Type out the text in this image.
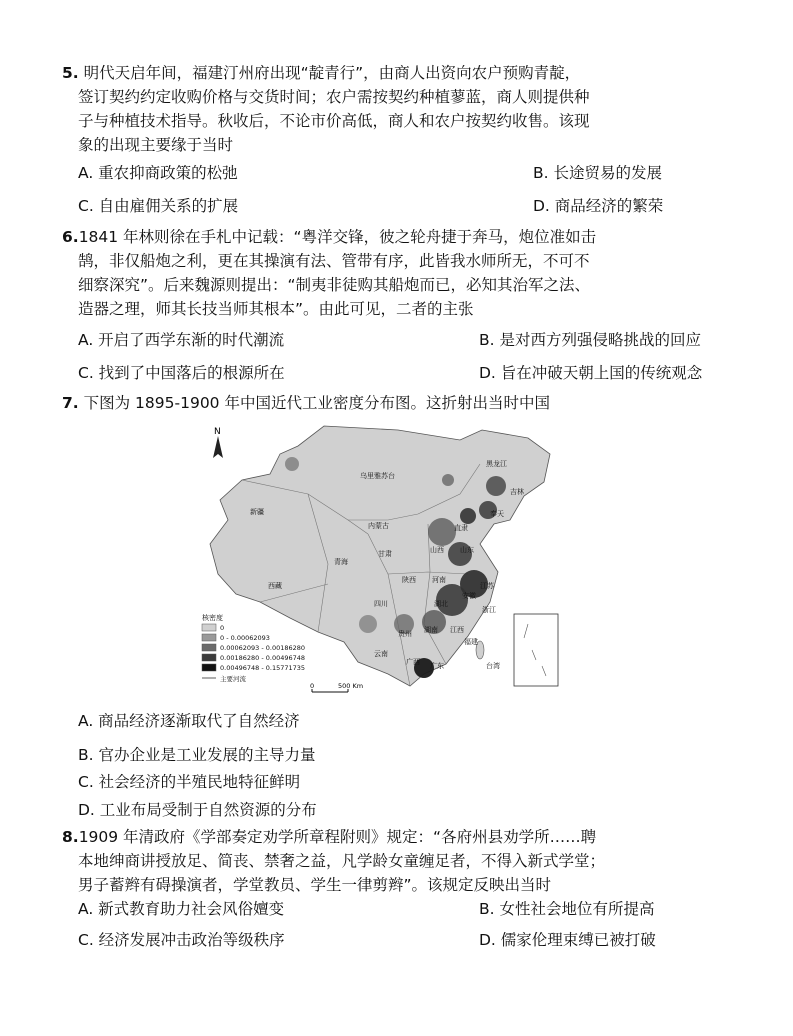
5. 明代天启年间，福建汀州府出现“靛青行”，由商人出资向农户预购青靛，
签订契约约定收购价格与交货时间；农户需按契约种植蓼蓝，商人则提供种
子与种植技术指导。秋收后，不论市价高低，商人和农户按契约收售。该现
象的出现主要缘于当时
A. 重农抑商政策的松弛	B. 长途贸易的发展
C. 自由雇佣关系的扩展	D. 商品经济的繁荣
6.1841 年林则徐在手札中记载：“粤洋交锋，彼之轮舟捷于奔马，炮位准如击
鹄，非仅船炮之利，更在其操演有法、管带有序，此皆我水师所无，不可不
细察深究”。后来魏源则提出：“制夷非徒购其船炮而已，必知其治军之法、
造器之理，师其长技当师其根本”。由此可见，二者的主张
A. 开启了西学东渐的时代潮流	B. 是对西方列强侵略挑战的回应
C. 找到了中国落后的根源所在	D. 旨在冲破天朝上国的传统观念
7. 下图为 1895-1900 年中国近代工业密度分布图。这折射出当时中国
N
乌里雅苏台
黑龙江
吉林
奉天
新疆
内蒙古	直隶
山西 山东
甘肃
青海
陕西 河南
江苏
安徽
西藏
四川	湖北
浙江
贵州 湖南 江西
福建
云南
广西 广东	台湾
核密度
0
0 - 0.00062093
0.00062093 - 0.00186280
0.00186280 - 0.00496748
0.00496748 - 0.15771735
主要河流
0	500 Km
A. 商品经济逐渐取代了自然经济
B. 官办企业是工业发展的主导力量
C. 社会经济的半殖民地特征鲜明
D. 工业布局受制于自然资源的分布
8.1909 年清政府《学部奏定劝学所章程附则》规定：“各府州县劝学所……聘
本地绅商讲授放足、简丧、禁奢之益，凡学龄女童缠足者，不得入新式学堂；
男子蓄辫有碍操演者，学堂教员、学生一律剪辫”。该规定反映出当时
A. 新式教育助力社会风俗嬗变	B. 女性社会地位有所提高
C. 经济发展冲击政治等级秩序	D. 儒家伦理束缚已被打破
